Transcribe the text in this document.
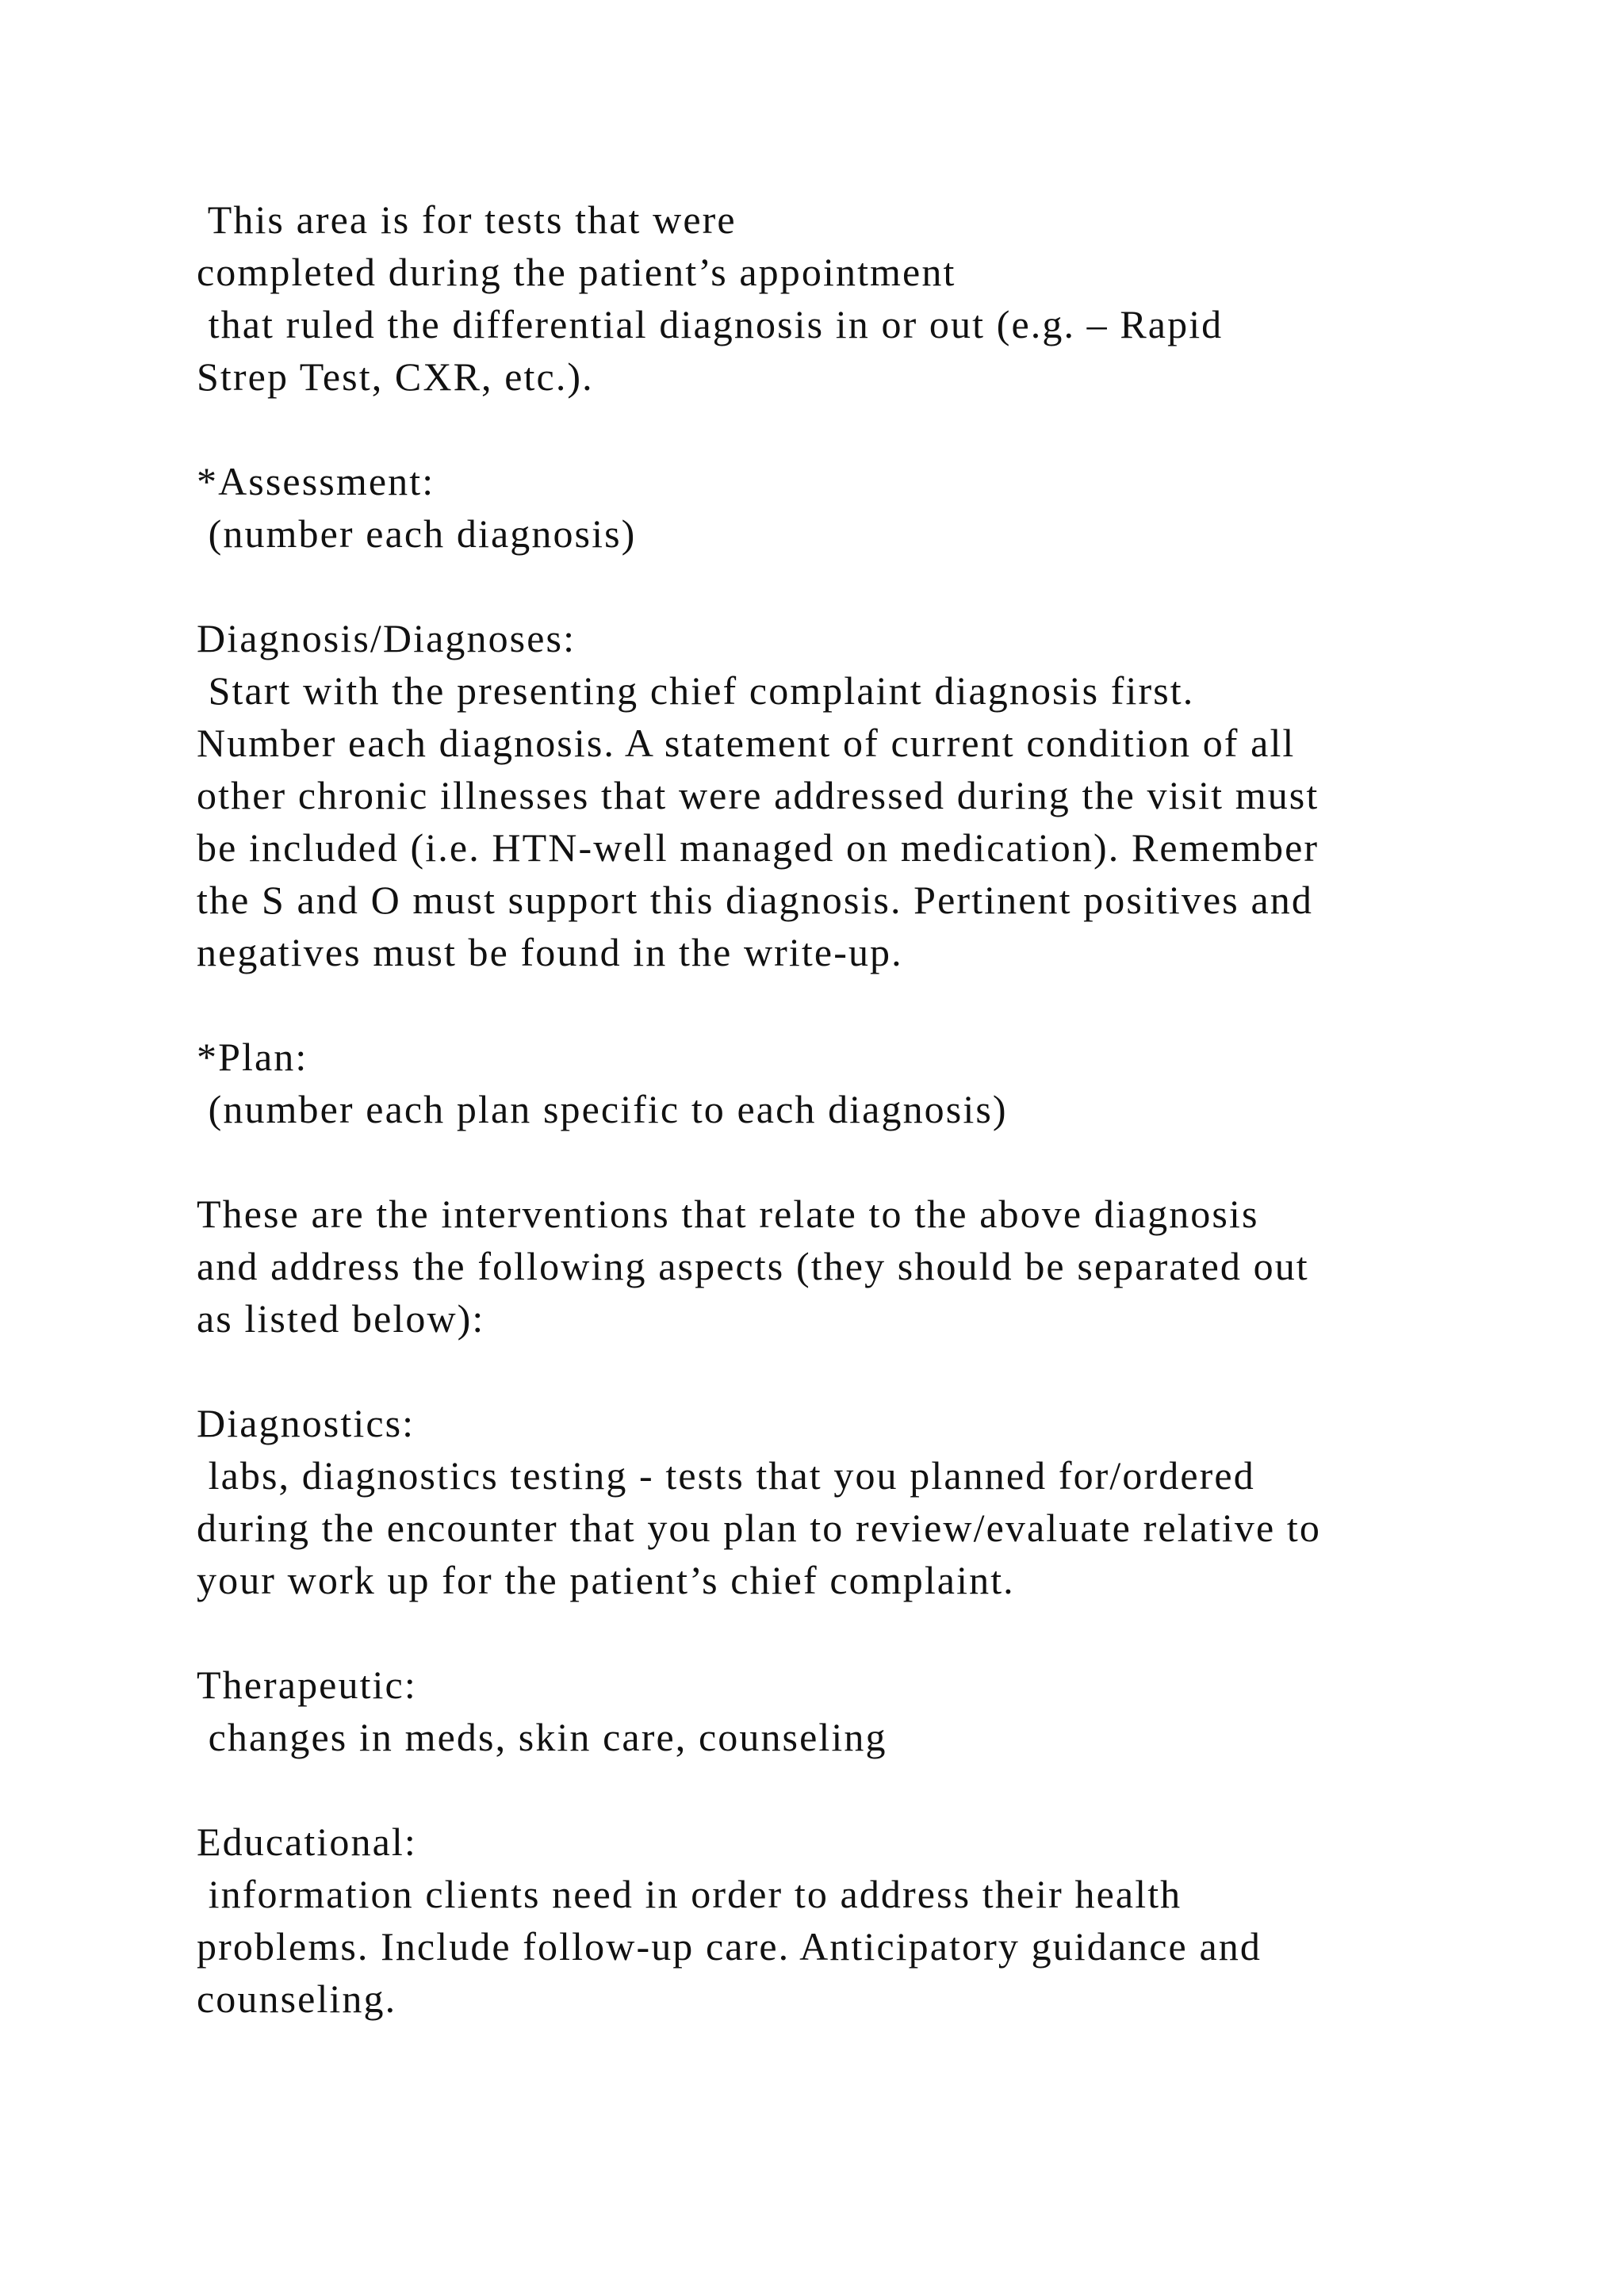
This area is for tests that were
completed during the patient’s appointment
that ruled the differential diagnosis in or out (e.g. – Rapid
Strep Test, CXR, etc.).
*Assessment:
(number each diagnosis)
Diagnosis/Diagnoses:
Start with the presenting chief complaint diagnosis first.
Number each diagnosis. A statement of current condition of all
other chronic illnesses that were addressed during the visit must
be included (i.e. HTN-well managed on medication). Remember
the S and O must support this diagnosis. Pertinent positives and
negatives must be found in the write-up.
*Plan:
(number each plan specific to each diagnosis)
These are the interventions that relate to the above diagnosis
and address the following aspects (they should be separated out
as listed below):
Diagnostics:
labs, diagnostics testing - tests that you planned for/ordered
during the encounter that you plan to review/evaluate relative to
your work up for the patient’s chief complaint.
Therapeutic:
changes in meds, skin care, counseling
Educational:
information clients need in order to address their health
problems. Include follow-up care. Anticipatory guidance and
counseling.
